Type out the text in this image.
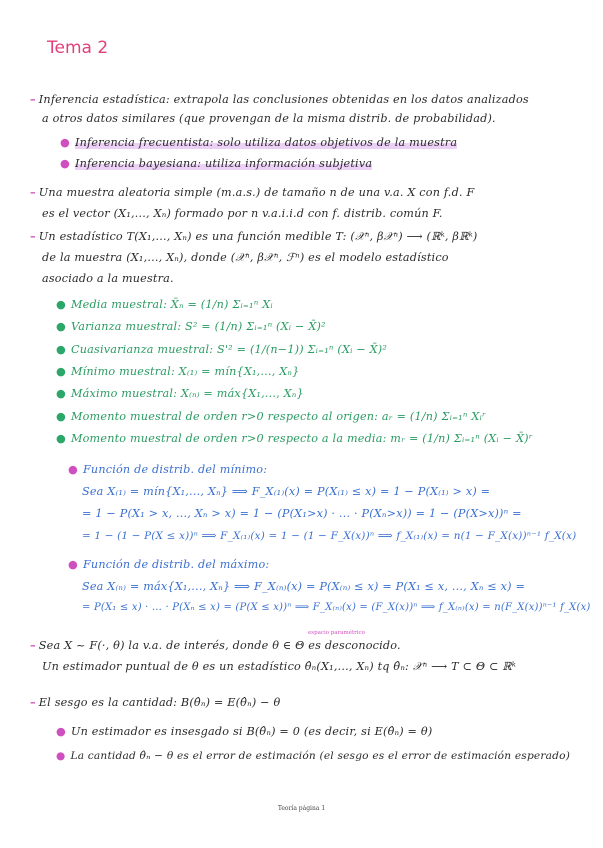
Tema 2
– Inferencia estadística: extrapola las conclusiones obtenidas en los datos analizados
a otros datos similares (que provengan de la misma distrib. de probabilidad).
● Inferencia frecuentista: solo utiliza datos objetivos de la muestra
● Inferencia bayesiana: utiliza información subjetiva
– Una muestra aleatoria simple (m.a.s.) de tamaño n de una v.a. X con f.d. F
es el vector (X₁,..., Xₙ) formado por n v.a.i.i.d con f. distrib. común F.
– Un estadístico T(X₁,..., Xₙ) es una función medible T: (𝒳ⁿ, β𝒳ⁿ) ⟶ (ℝᵏ, βℝᵏ)
de la muestra (X₁,..., Xₙ), donde (𝒳ⁿ, β𝒳ⁿ, ℱⁿ) es el modelo estadístico
asociado a la muestra.
● Media muestral: X̄ₙ = (1/n) Σᵢ₌₁ⁿ Xᵢ
● Varianza muestral: S² = (1/n) Σᵢ₌₁ⁿ (Xᵢ − X̄)²
● Cuasivarianza muestral: S'² = (1/(n−1)) Σᵢ₌₁ⁿ (Xᵢ − X̄)²
● Mínimo muestral: X₍₁₎ = mín{X₁,..., Xₙ}
● Máximo muestral: X₍ₙ₎ = máx{X₁,..., Xₙ}
● Momento muestral de orden r>0 respecto al origen: aᵣ = (1/n) Σᵢ₌₁ⁿ Xᵢʳ
● Momento muestral de orden r>0 respecto a la media: mᵣ = (1/n) Σᵢ₌₁ⁿ (Xᵢ − X̄)ʳ
● Función de distrib. del mínimo:
Sea X₍₁₎ = mín{X₁,..., Xₙ} ⟹ F_X₍₁₎(x) = P(X₍₁₎ ≤ x) = 1 − P(X₍₁₎ > x) =
= 1 − P(X₁ > x, ..., Xₙ > x) = 1 − (P(X₁>x) · ... · P(Xₙ>x)) = 1 − (P(X>x))ⁿ =
= 1 − (1 − P(X ≤ x))ⁿ ⟹ F_X₍₁₎(x) = 1 − (1 − F_X(x))ⁿ ⟹ f_X₍₁₎(x) = n(1 − F_X(x))ⁿ⁻¹ f_X(x)
● Función de distrib. del máximo:
Sea X₍ₙ₎ = máx{X₁,..., Xₙ} ⟹ F_X₍ₙ₎(x) = P(X₍ₙ₎ ≤ x) = P(X₁ ≤ x, ..., Xₙ ≤ x) =
= P(X₁ ≤ x) · ... · P(Xₙ ≤ x) = (P(X ≤ x))ⁿ ⟹ F_X₍ₙ₎(x) = (F_X(x))ⁿ ⟹ f_X₍ₙ₎(x) = n(F_X(x))ⁿ⁻¹ f_X(x)
espacio paramétrico
– Sea X ~ F(·, θ) la v.a. de interés, donde θ ∈ Θ es desconocido.
Un estimador puntual de θ es un estadístico θ̂ₙ(X₁,..., Xₙ) tq θ̂ₙ: 𝒳ⁿ ⟶ T ⊂ Θ ⊂ ℝᵏ
– El sesgo es la cantidad: B(θ̂ₙ) = E(θ̂ₙ) − θ
● Un estimador es insesgado si B(θ̂ₙ) = 0 (es decir, si E(θ̂ₙ) = θ)
● La cantidad θ̂ₙ − θ es el error de estimación (el sesgo es el error de estimación esperado)
Teoría página 1
